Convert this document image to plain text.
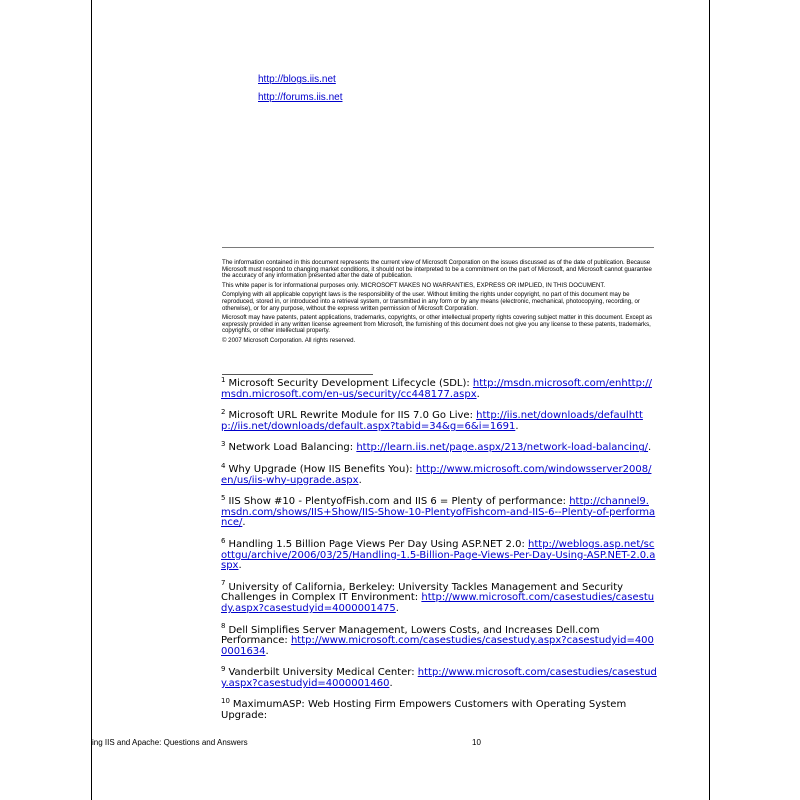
http://blogs.iis.net
http://forums.iis.net

The information contained in this document represents the current view of Microsoft Corporation on the issues discussed as of the date of publication. Because Microsoft must respond to changing market conditions, it should not be interpreted to be a commitment on the part of Microsoft, and Microsoft cannot guarantee the accuracy of any information presented after the date of publication.

This white paper is for informational purposes only. MICROSOFT MAKES NO WARRANTIES, EXPRESS OR IMPLIED, IN THIS DOCUMENT.

Complying with all applicable copyright laws is the responsibility of the user. Without limiting the rights under copyright, no part of this document may be reproduced, stored in, or introduced into a retrieval system, or transmitted in any form or by any means (electronic, mechanical, photocopying, recording, or otherwise), or for any purpose, without the express written permission of Microsoft Corporation.

Microsoft may have patents, patent applications, trademarks, copyrights, or other intellectual property rights covering subject matter in this document. Except as expressly provided in any written license agreement from Microsoft, the furnishing of this document does not give you any license to these patents, trademarks, copyrights, or other intellectual property.

© 2007 Microsoft Corporation. All rights reserved.

$^1$ Microsoft Security Development Lifecycle (SDL): http://msdn.microsoft.com/enhttp://msdn.microsoft.com/en-us/security/cc448177.aspx.
$^2$ Microsoft URL Rewrite Module for IIS 7.0 Go Live: http://iis.net/downloads/defaulhttp://iis.net/downloads/default.aspx?tabid=34&g=6&i=1691.
$^3$ Network Load Balancing: http://learn.iis.net/page.aspx/213/network-load-balancing/.
$^4$ Why Upgrade (How IIS Benefits You): http://www.microsoft.com/windowsserver2008/en/us/iis-why-upgrade.aspx.
$^5$ IIS Show #10 - PlentyofFish.com and IIS 6 = Plenty of performance: http://channel9.msdn.com/shows/IIS+Show/IIS-Show-10-PlentyofFishcom-and-IIS-6--Plenty-of-performance/.
$^6$ Handling 1.5 Billion Page Views Per Day Using ASP.NET 2.0: http://weblogs.asp.net/scottgu/archive/2006/03/25/Handling-1.5-Billion-Page-Views-Per-Day-Using-ASP.NET-2.0.aspx.
$^7$ University of California, Berkeley: University Tackles Management and Security Challenges in Complex IT Environment: http://www.microsoft.com/casestudies/casestudy.aspx?casestudyid=4000001475.
$^8$ Dell Simplifies Server Management, Lowers Costs, and Increases Dell.com Performance: http://www.microsoft.com/casestudies/casestudy.aspx?casestudyid=4000001634.
$^9$ Vanderbilt University Medical Center: http://www.microsoft.com/casestudies/casestudy.aspx?casestudyid=4000001460.
$^{10}$ MaximumASP: Web Hosting Firm Empowers Customers with Operating System Upgrade:
ing IIS and Apache: Questions and Answers	10
